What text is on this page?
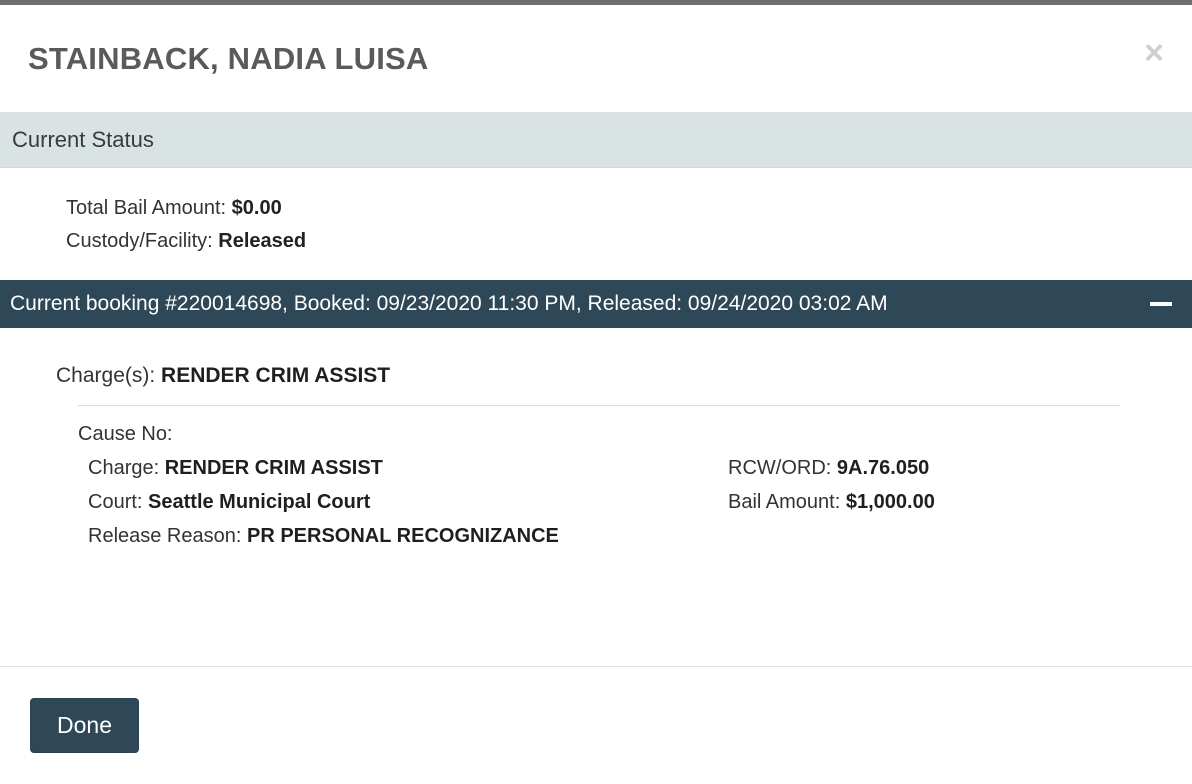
STAINBACK, NADIA LUISA	×
Current Status
Total Bail Amount: $0.00
Custody/Facility: Released
Current booking #220014698, Booked: 09/23/2020 11:30 PM, Released: 09/24/2020 03:02 AM
Charge(s): RENDER CRIM ASSIST
Cause No:
Charge: RENDER CRIM ASSIST	RCW/ORD: 9A.76.050
Court: Seattle Municipal Court	Bail Amount: $1,000.00
Release Reason: PR PERSONAL RECOGNIZANCE
Done
